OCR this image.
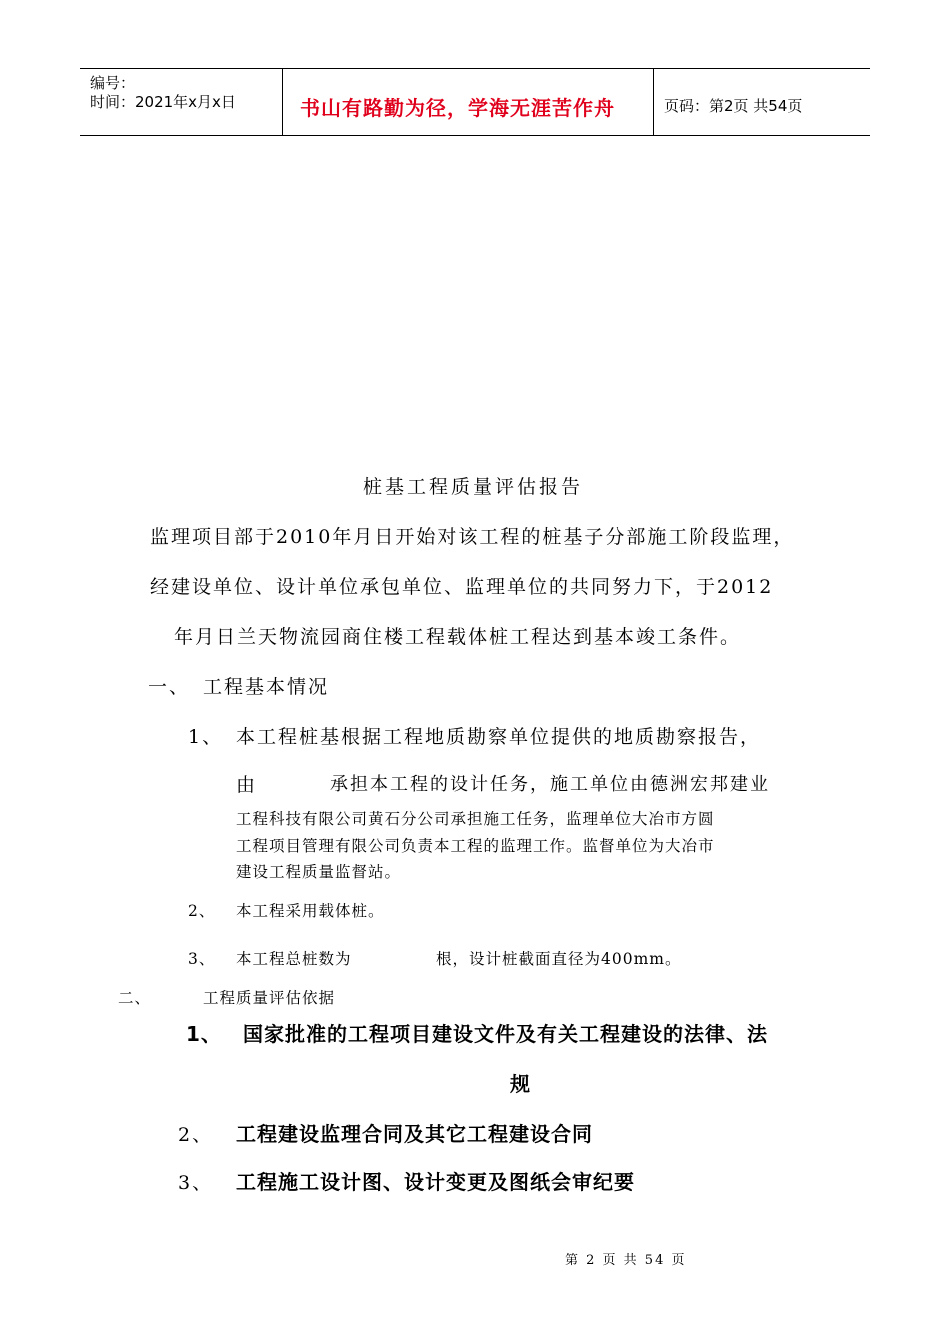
编号：
时间：2021年x月x日	书山有路勤为径，学海无涯苦作舟	页码：第2页 共54页
桩基工程质量评估报告
监理项目部于2010年月日开始对该工程的桩基子分部施工阶段监理，
经建设单位、设计单位承包单位、监理单位的共同努力下，于2012
年月日兰天物流园商住楼工程载体桩工程达到基本竣工条件。
一、 工程基本情况
1、 本工程桩基根据工程地质勘察单位提供的地质勘察报告，
由	承担本工程的设计任务，施工单位由德洲宏邦建业
工程科技有限公司黄石分公司承担施工任务，监理单位大冶市方圆
工程项目管理有限公司负责本工程的监理工作。监督单位为大冶市
建设工程质量监督站。
2、 本工程采用载体桩。
3、 本工程总桩数为	根，设计桩截面直径为400mm。
二、	工程质量评估依据
1、 国家批准的工程项目建设文件及有关工程建设的法律、法
规
2、 工程建设监理合同及其它工程建设合同
3、 工程施工设计图、设计变更及图纸会审纪要
第 2 页 共 54 页
